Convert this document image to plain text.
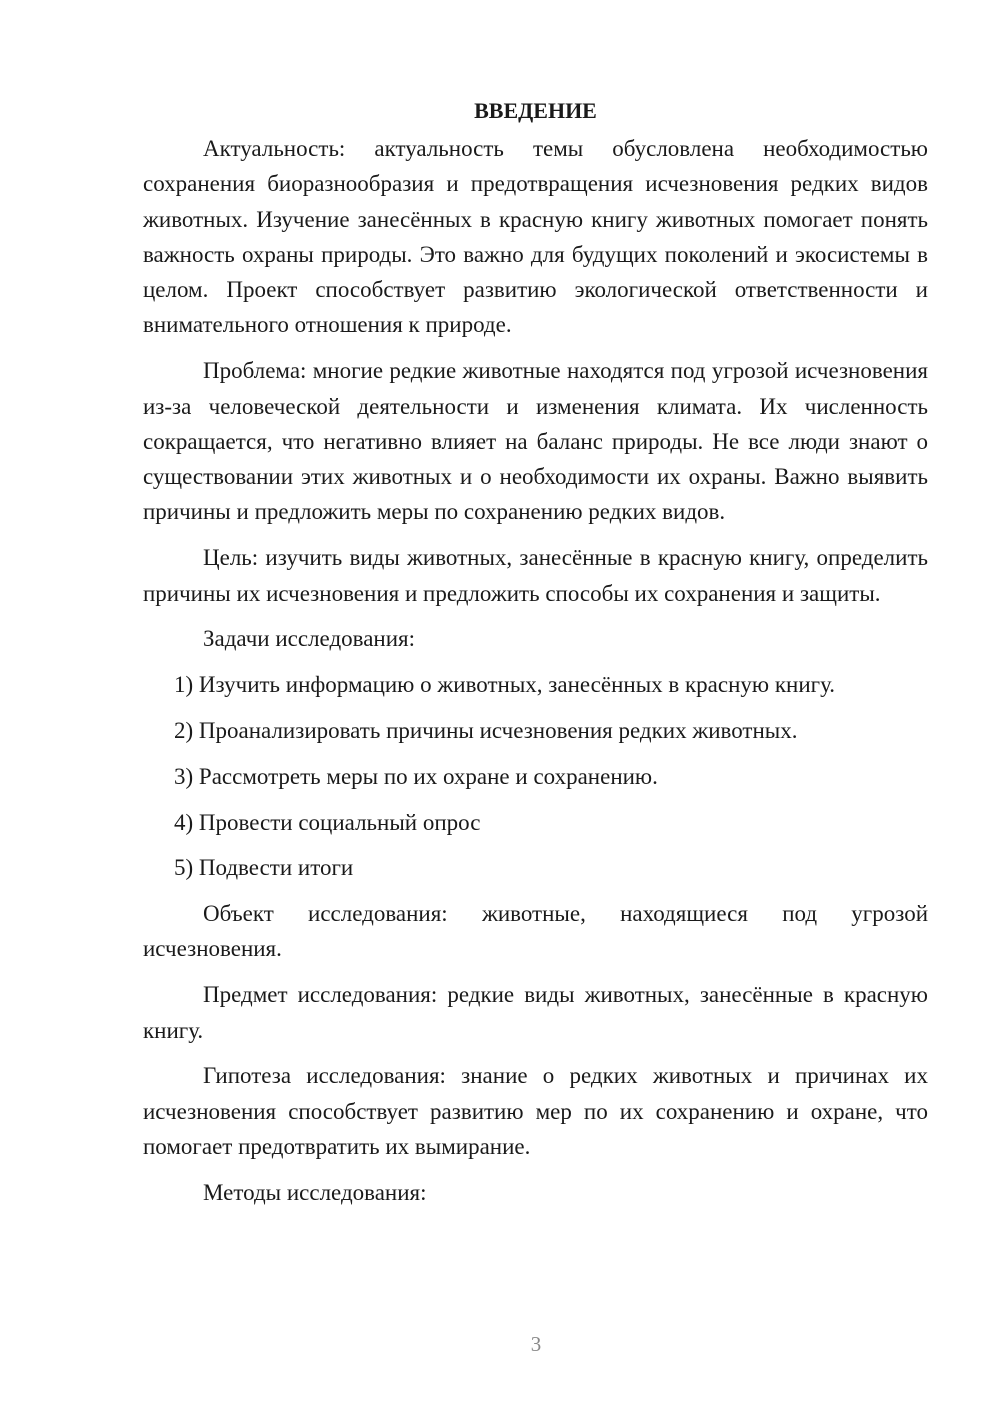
ВВЕДЕНИЕ

Актуальность: актуальность темы обусловлена необходимостью сохранения биоразнообразия и предотвращения исчезновения редких видов животных. Изучение занесённых в красную книгу животных помогает понять важность охраны природы. Это важно для будущих поколений и экосистемы в целом. Проект способствует развитию экологической ответственности и внимательного отношения к природе.

Проблема: многие редкие животные находятся под угрозой исчезновения из-за человеческой деятельности и изменения климата. Их численность сокращается, что негативно влияет на баланс природы. Не все люди знают о существовании этих животных и о необходимости их охраны. Важно выявить причины и предложить меры по сохранению редких видов.

Цель: изучить виды животных, занесённые в красную книгу, определить причины их исчезновения и предложить способы их сохранения и защиты.

Задачи исследования:

1) Изучить информацию о животных, занесённых в красную книгу.

2) Проанализировать причины исчезновения редких животных.

3) Рассмотреть меры по их охране и сохранению.

4) Провести социальный опрос

5) Подвести итоги

Объект исследования: животные, находящиеся под угрозой исчезновения.

Предмет исследования: редкие виды животных, занесённые в красную книгу.

Гипотеза исследования: знание о редких животных и причинах их исчезновения способствует развитию мер по их сохранению и охране, что помогает предотвратить их вымирание.

Методы исследования:

3
